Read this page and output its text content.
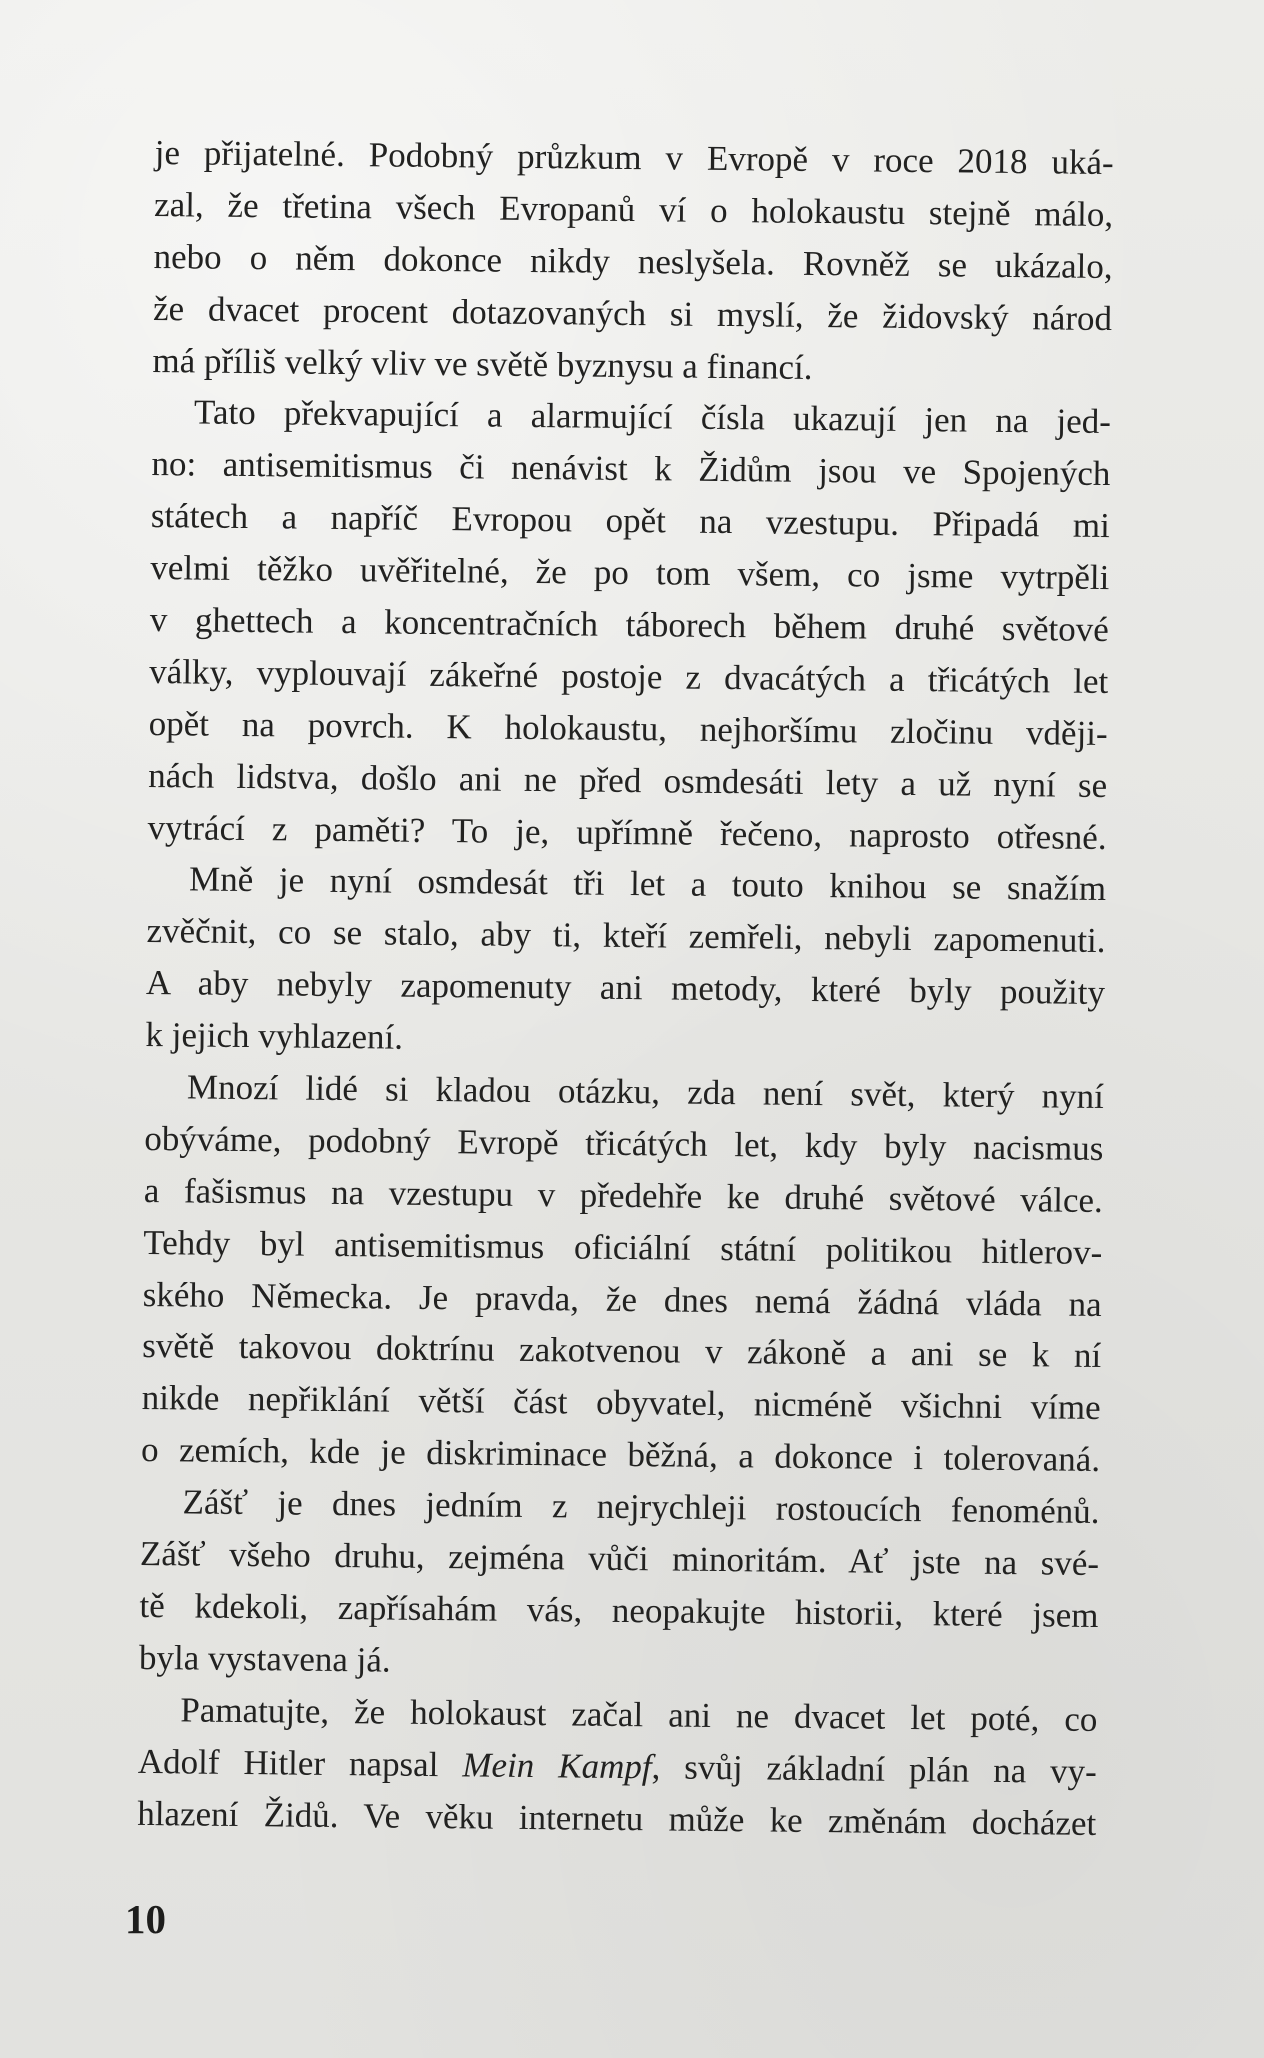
je přijatelné. Podobný průzkum v Evropě v roce 2018 uká-
zal, že třetina všech Evropanů ví o holokaustu stejně málo,
nebo o něm dokonce nikdy neslyšela. Rovněž se ukázalo,
že dvacet procent dotazovaných si myslí, že židovský národ
má příliš velký vliv ve světě byznysu a financí.
Tato překvapující a alarmující čísla ukazují jen na jed-
no: antisemitismus či nenávist k Židům jsou ve Spojených
státech a napříč Evropou opět na vzestupu. Připadá mi
velmi těžko uvěřitelné, že po tom všem, co jsme vytrpěli
v ghettech a koncentračních táborech během druhé světové
války, vyplouvají zákeřné postoje z dvacátých a třicátých let
opět na povrch. K holokaustu, nejhoršímu zločinu vději-
nách lidstva, došlo ani ne před osmdesáti lety a už nyní se
vytrácí z paměti? To je, upřímně řečeno, naprosto otřesné.
Mně je nyní osmdesát tři let a touto knihou se snažím
zvěčnit, co se stalo, aby ti, kteří zemřeli, nebyli zapomenuti.
A aby nebyly zapomenuty ani metody, které byly použity
k jejich vyhlazení.
Mnozí lidé si kladou otázku, zda není svět, který nyní
obýváme, podobný Evropě třicátých let, kdy byly nacismus
a fašismus na vzestupu v předehře ke druhé světové válce.
Tehdy byl antisemitismus oficiální státní politikou hitlerov-
ského Německa. Je pravda, že dnes nemá žádná vláda na
světě takovou doktrínu zakotvenou v zákoně a ani se k ní
nikde nepřiklání větší část obyvatel, nicméně všichni víme
o zemích, kde je diskriminace běžná, a dokonce i tolerovaná.
Zášť je dnes jedním z nejrychleji rostoucích fenoménů.
Zášť všeho druhu, zejména vůči minoritám. Ať jste na své-
tě kdekoli, zapřísahám vás, neopakujte historii, které jsem
byla vystavena já.
Pamatujte, že holokaust začal ani ne dvacet let poté, co
Adolf Hitler napsal Mein Kampf, svůj základní plán na vy-
hlazení Židů. Ve věku internetu může ke změnám docházet
10
